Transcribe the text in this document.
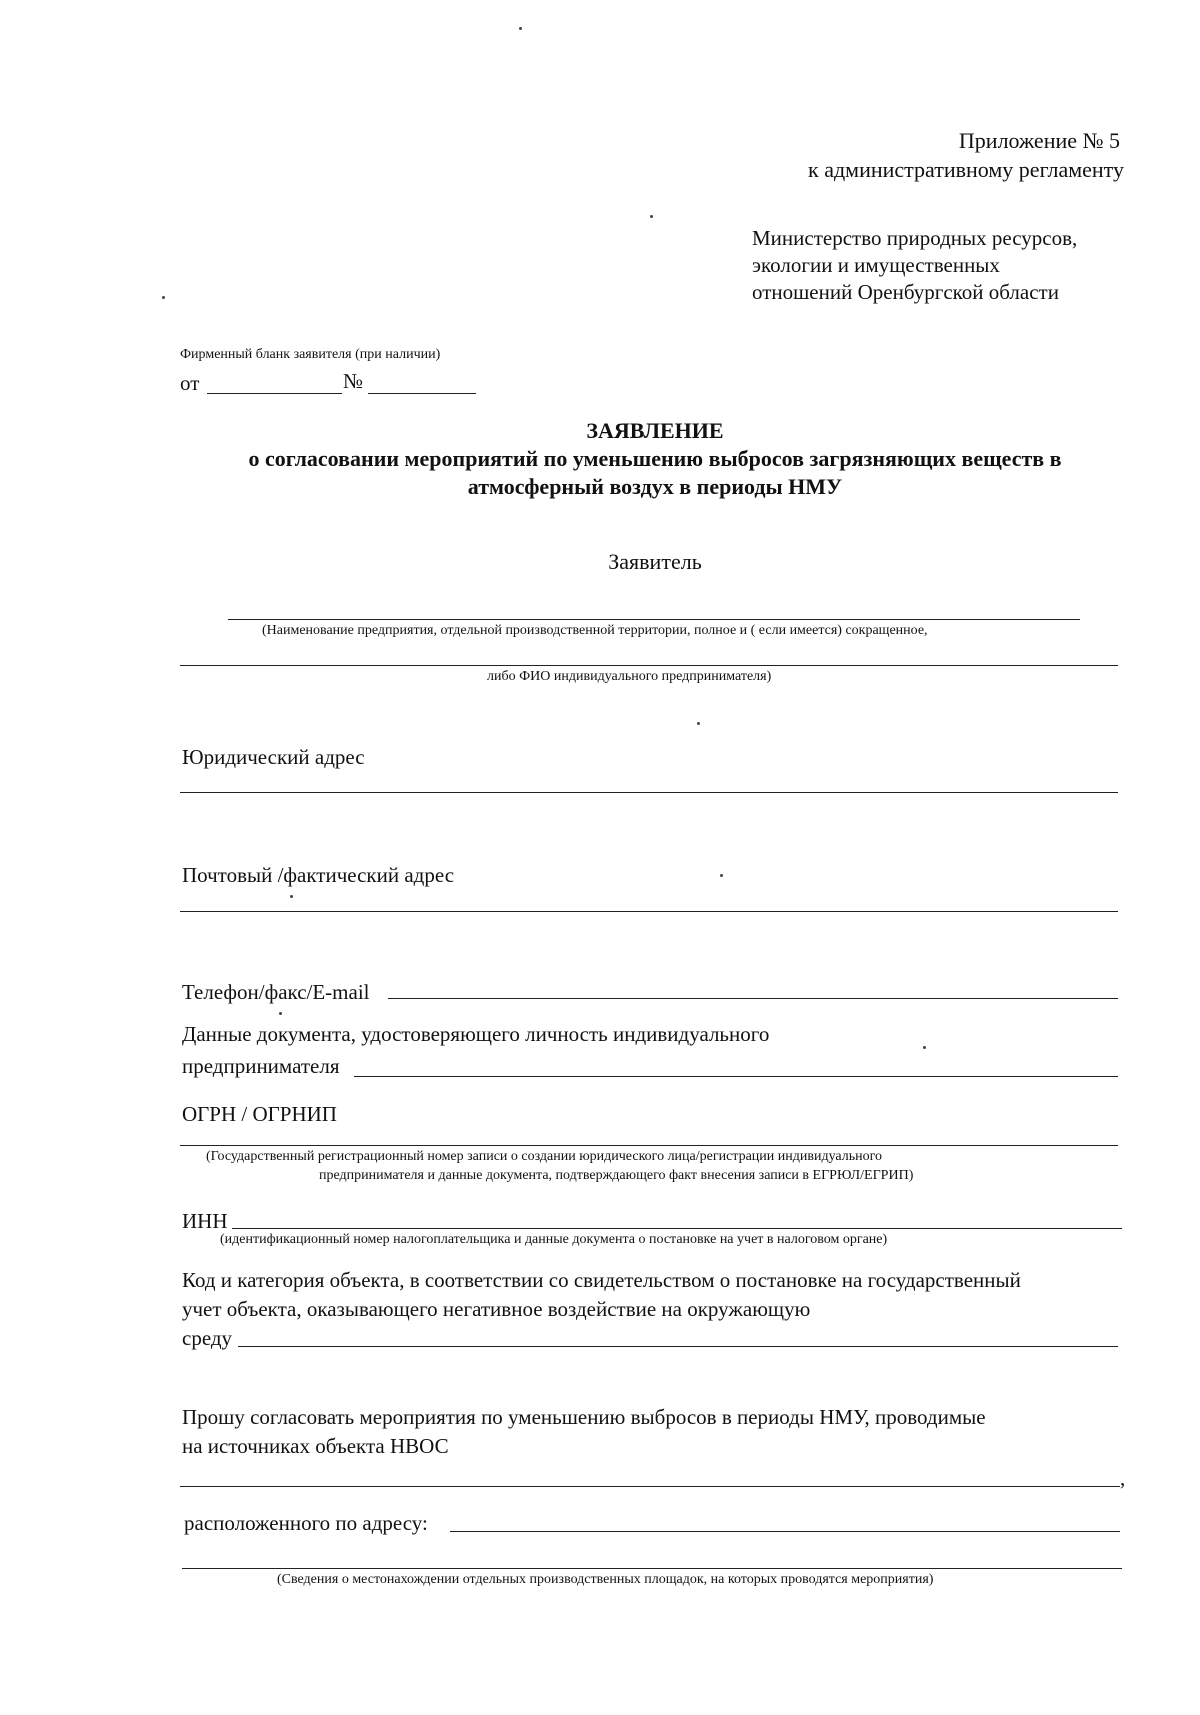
Приложение № 5
к административному регламенту
Министерство природных ресурсов,
экологии и имущественных
отношений Оренбургской области
Фирменный бланк заявителя (при наличии)
от	№
ЗАЯВЛЕНИЕ
о согласовании мероприятий по уменьшению выбросов загрязняющих веществ в
атмосферный воздух в периоды НМУ
Заявитель
(Наименование предприятия, отдельной производственной территории, полное и ( если имеется) сокращенное,
либо ФИО индивидуального предпринимателя)
Юридический адрес
Почтовый /фактический адрес
Телефон/факс/E-mail
Данные документа, удостоверяющего личность индивидуального
предпринимателя
ОГРН / ОГРНИП
(Государственный регистрационный номер записи о создании юридического лица/регистрации индивидуального
предпринимателя и данные документа, подтверждающего факт внесения записи в ЕГРЮЛ/ЕГРИП)
ИНН
(идентификационный номер налогоплательщика и данные документа о постановке на учет в налоговом органе)
Код и категория объекта, в соответствии со свидетельством о постановке на государственный
учет объекта, оказывающего негативное воздействие на окружающую
среду
Прошу согласовать мероприятия по уменьшению выбросов в периоды НМУ, проводимые
на источниках объекта НВОС
,
расположенного по адресу:
(Сведения о местонахождении отдельных производственных площадок, на которых проводятся мероприятия)
